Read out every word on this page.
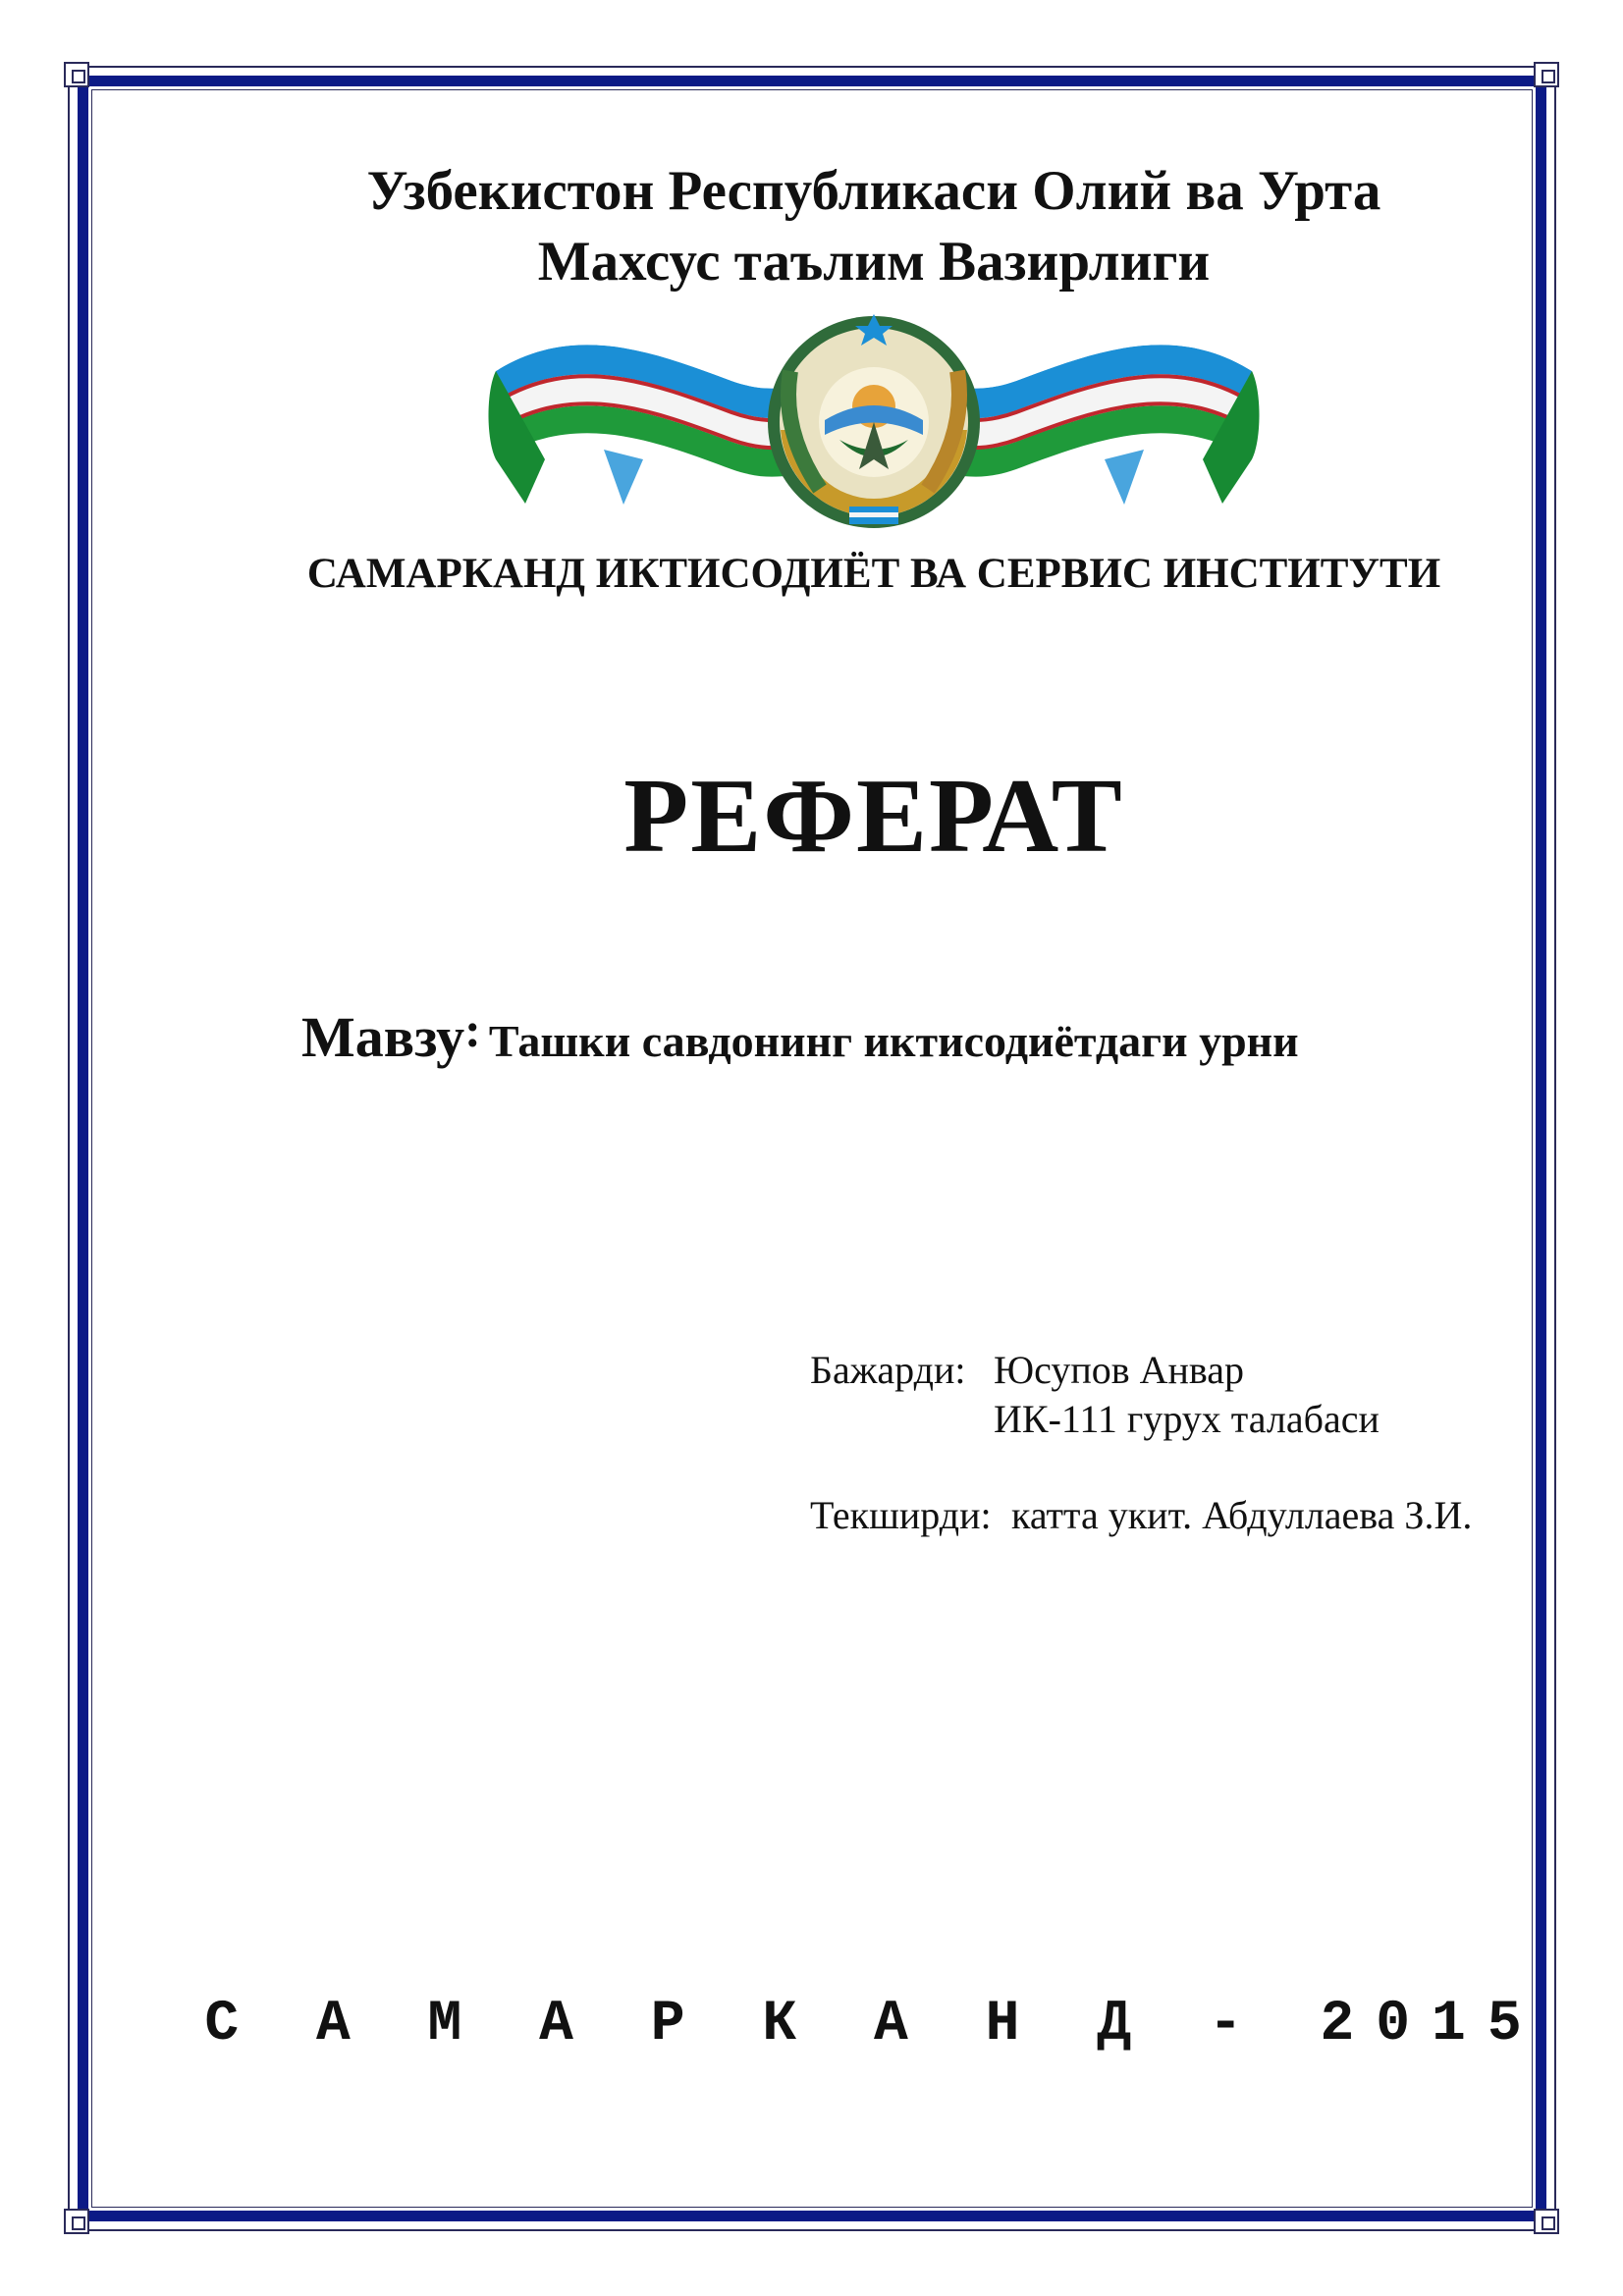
Узбекистон Республикаси Олий ва Урта
Махсус таълим Вазирлиги
САМАРКАНД ИКТИСОДИЁТ ВА СЕРВИС ИНСТИТУТИ
РЕФЕРАТ
Мавзу: Ташки савдонинг иктисодиётдаги урни
Бажарди: Юсупов Анвар
ИК-111 гурух талабаси
Текширди: катта укит. Абдуллаева З.И.
С А М А Р К А Н Д - 2015
